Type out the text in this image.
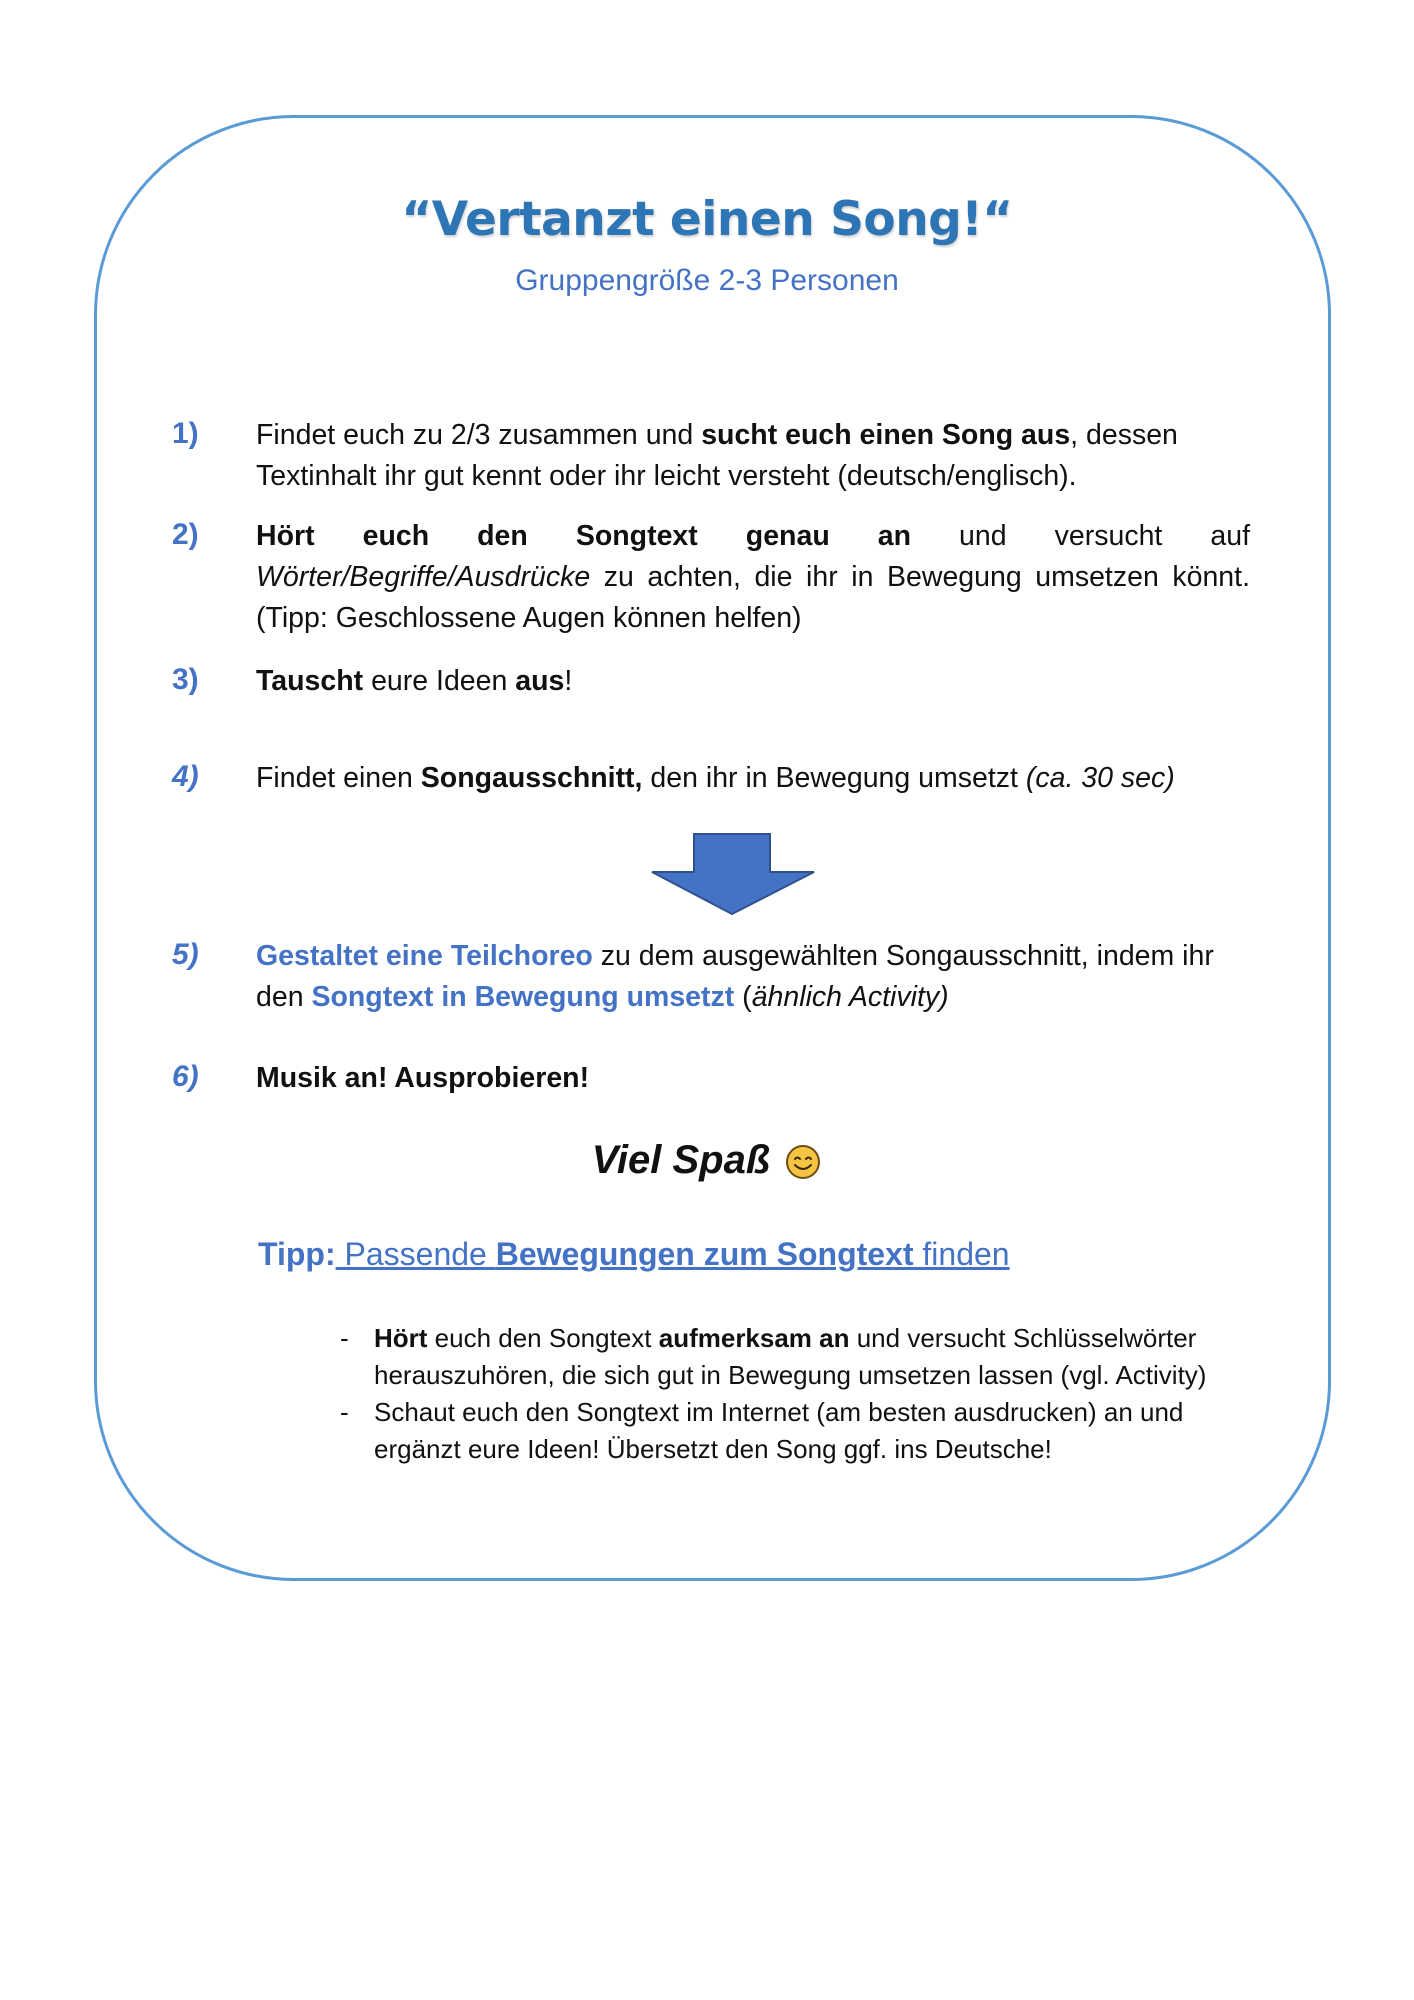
“Vertanzt einen Song!“
Gruppengröße 2-3 Personen
1) Findet euch zu 2/3 zusammen und sucht euch einen Song aus, dessen Textinhalt ihr gut kennt oder ihr leicht versteht (deutsch/englisch).

2) Hört euch den Songtext genau an und versucht auf Wörter/Begriffe/Ausdrücke zu achten, die ihr in Bewegung umsetzen könnt. (Tipp: Geschlossene Augen können helfen)

3) Tauscht eure Ideen aus!

4) Findet einen Songausschnitt, den ihr in Bewegung umsetzt (ca. 30 sec)

5) Gestaltet eine Teilchoreo zu dem ausgewählten Songausschnitt, indem ihr den Songtext in Bewegung umsetzt (ähnlich Activity)

6) Musik an! Ausprobieren!

Viel Spaß
Tipp: Passende Bewegungen zum Songtext finden
- Hört euch den Songtext aufmerksam an und versucht Schlüsselwörter herauszuhören, die sich gut in Bewegung umsetzen lassen (vgl. Activity)
- Schaut euch den Songtext im Internet (am besten ausdrucken) an und ergänzt eure Ideen! Übersetzt den Song ggf. ins Deutsche!
